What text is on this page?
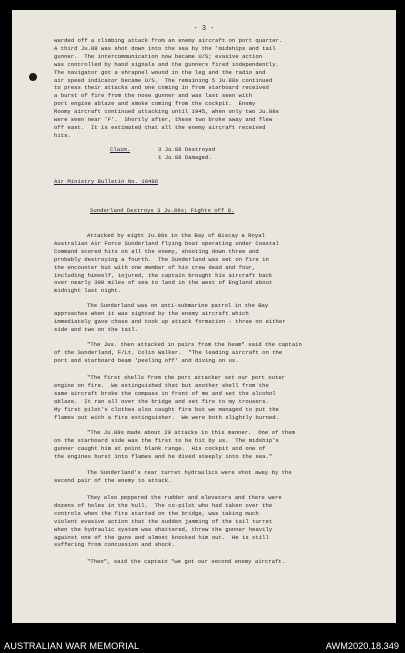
- 3 -
warded off a climbing attack from an enemy aircraft on port quarter.
A third Ju.88 was shot down into the sea by the 'midships and tail
gunner.  The intercommunication now became U/S; evasive action
was controlled by hand signals and the gunners fired independently.
The navigator got a shrapnel wound in the leg and the radio and
air speed indicator became U/S.  The remaining 5 Ju.88s continued
to press their attacks and one coming in from starboard received
a burst of fire from the nose gunner and was last seen with
port engine ablaze and smoke coming from the cockpit.  Enemy
Roomy aircraft continued attacking until 1945, when only two Ju.88s
were seen near 'F'.  Shortly after, these two broke away and flew
off east.  It is estimated that all the enemy aircraft received
hits.
Claim.	3 Ju.88 Destroyed
1 Ju.88 Damaged.
Air Ministry Bulletin No. 10486
Sunderland Destroys 3 Ju.88s; Fights off 8.
Attacked by eight Ju.88s in the Bay of Biscay a Royal
Australian Air Force Sunderland flying boat operating under Coastal
Command scored hits on all the enemy, shooting down three and
probably destroying a fourth.  The Sunderland was set on fire in
the encounter but with one member of his crew dead and four,
including himself, injured, the captain brought his aircraft back
over nearly 300 miles of sea to land in the west of England about
midnight last night.
The Sunderland was on anti-submarine patrol in the Bay
approaches when it was sighted by the enemy aircraft which
immediately gave chase and took up attack formation - three on either
side and two on the tail.
"The Jus. then attacked in pairs from the beam" said the captain
of the Sunderland, F/Lt. Colin Walker.  "The leading aircraft on the
port and starboard beam 'peeling off' and diving on us.
"The first shells from the port attacker set our port outer
engine on fire.  We extinguished that but another shell from the
same aircraft broke the compass in front of me and set the alcohol
ablaze.  It ran all over the bridge and set fire to my trousers.
My first pilot's clothes also caught fire but we managed to put the
flames out with a fire extinguisher.  We were both slightly burned.
"The Ju.88s made about 20 attacks in this manner.  One of them
on the starboard side was the first to be hit by us.  The midship's
gunner caught him at point blank range.  His cockpit and one of
the engines burst into flames and he dived steeply into the sea."
The Sunderland's rear turret hydraulics were shot away by the
second pair of the enemy to attack.
They also peppered the rudder and elevators and there were
dozens of holes in the hull.  The co-pilot who had taken over the
controls when the fire started on the bridge, was taking much
violent evasive action that the sudden jamming of the tail turret
when the hydraulic system was shattered, threw the gunner heavily
against one of the guns and almost knocked him out.  He is still
suffering from concussion and shock.
"Then", said the captain "we got our second enemy aircraft.
AUSTRALIAN WAR MEMORIAL	AWM2020.18.349
